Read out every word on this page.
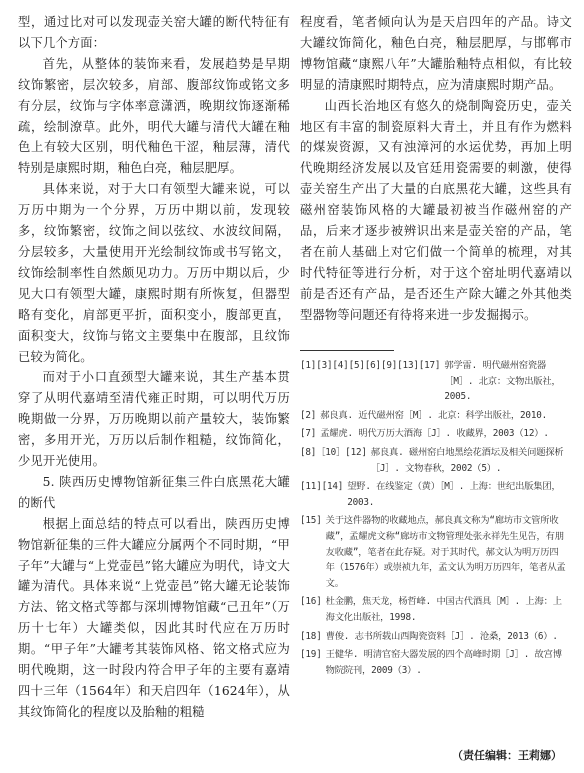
型，通过比对可以发现壶关窑大罐的断代特征有以下几个方面：

首先，从整体的装饰来看，发展趋势是早期纹饰繁密，层次较多，肩部、腹部纹饰或铭文多有分层，纹饰与字体率意潇洒，晚期纹饰逐渐稀疏，绘制潦草。此外，明代大罐与清代大罐在釉色上有较大区别，明代釉色干涩，釉层薄，清代特别是康熙时期，釉色白亮，釉层肥厚。

具体来说，对于大口有领型大罐来说，可以万历中期为一个分界，万历中期以前，发现较多，纹饰繁密，纹饰之间以弦纹、水波纹间隔，分层较多，大量使用开光绘制纹饰或书写铭文，纹饰绘制率性自然颇见功力。万历中期以后，少见大口有领型大罐，康熙时期有所恢复，但器型略有变化，肩部更平折，面积变小，腹部更直，面积变大，纹饰与铭文主要集中在腹部，且纹饰已较为简化。

而对于小口直颈型大罐来说，其生产基本贯穿了从明代嘉靖至清代雍正时期，可以明代万历晚期做一分界，万历晚期以前产量较大，装饰繁密，多用开光，万历以后制作粗糙，纹饰简化，少见开光使用。

5. 陕西历史博物馆新征集三件白底黑花大罐的断代

根据上面总结的特点可以看出，陕西历史博物馆新征集的三件大罐应分属两个不同时期，“甲子年”大罐与“上党壶邑”铭大罐应为明代，诗文大罐为清代。具体来说“上党壶邑”铭大罐无论装饰方法、铭文格式等都与深圳博物馆藏“己丑年”（万历十七年）大罐类似，因此其时代应在万历时期。“甲子年”大罐考其装饰风格、铭文格式应为明代晚期，这一时段内符合甲子年的主要有嘉靖四十三年（1564年）和天启四年（1624年），从其纹饰简化的程度以及胎釉的粗糙

程度看，笔者倾向认为是天启四年的产品。诗文大罐纹饰简化，釉色白亮，釉层肥厚，与邯郸市博物馆藏“康熙八年”大罐胎釉特点相似，有比较明显的清康熙时期特点，应为清康熙时期产品。

山西长治地区有悠久的烧制陶瓷历史，壶关地区有丰富的制瓷原料大青土，并且有作为燃料的煤炭资源，又有浊漳河的水运优势，再加上明代晚期经济发展以及官廷用瓷需要的刺激，使得壶关窑生产出了大量的白底黑花大罐，这些具有磁州窑装饰风格的大罐最初被当作磁州窑的产品，后来才逐步被辨识出来是壶关窑的产品，笔者在前人基础上对它们做一个简单的梳理，对其时代特征等进行分析，对于这个窑址明代嘉靖以前是否还有产品，是否还生产除大罐之外其他类型器物等问题还有待将来进一步发掘揭示。

[1][3][4][5][6][9][13][17] 郭学雷. 明代磁州窑瓷器［M］. 北京：文物出版社，2005.
[2] 郝良真. 近代磁州窑［M］. 北京：科学出版社，2010.
[7] 孟耀虎. 明代万历大酒海［J］. 收藏界，2003（12）.
[8]［10］[12] 郝良真. 磁州窑白地黑绘花酒坛及相关问题探析［J］. 文物春秋，2002（5）.
[11][14] 望野. 在线鉴定（黄）［M］. 上海：世纪出版集团，2003.
[15] 关于这件器物的收藏地点，郝良真文称为“廊坊市文管所收藏”，孟耀虎文称“廊坊市文物管理处张永祥先生见告，有朋友收藏”，笔者在此存疑。对于其时代，郝文认为明万历四年（1576年）或崇祯九年，孟文认为明万历四年，笔者从孟文。
[16] 杜金鹏，焦天龙，杨哲峰. 中国古代酒具［M］. 上海：上海文化出版社，1998.
[18] 曹俊. 志书所载山西陶瓷资料［J］. 沧桑，2013（6）.
[19] 王健华. 明清官窑大器发展的四个高峰时期［J］. 故宫博物院院刊，2009（3）.
（责任编辑：王莉娜）
